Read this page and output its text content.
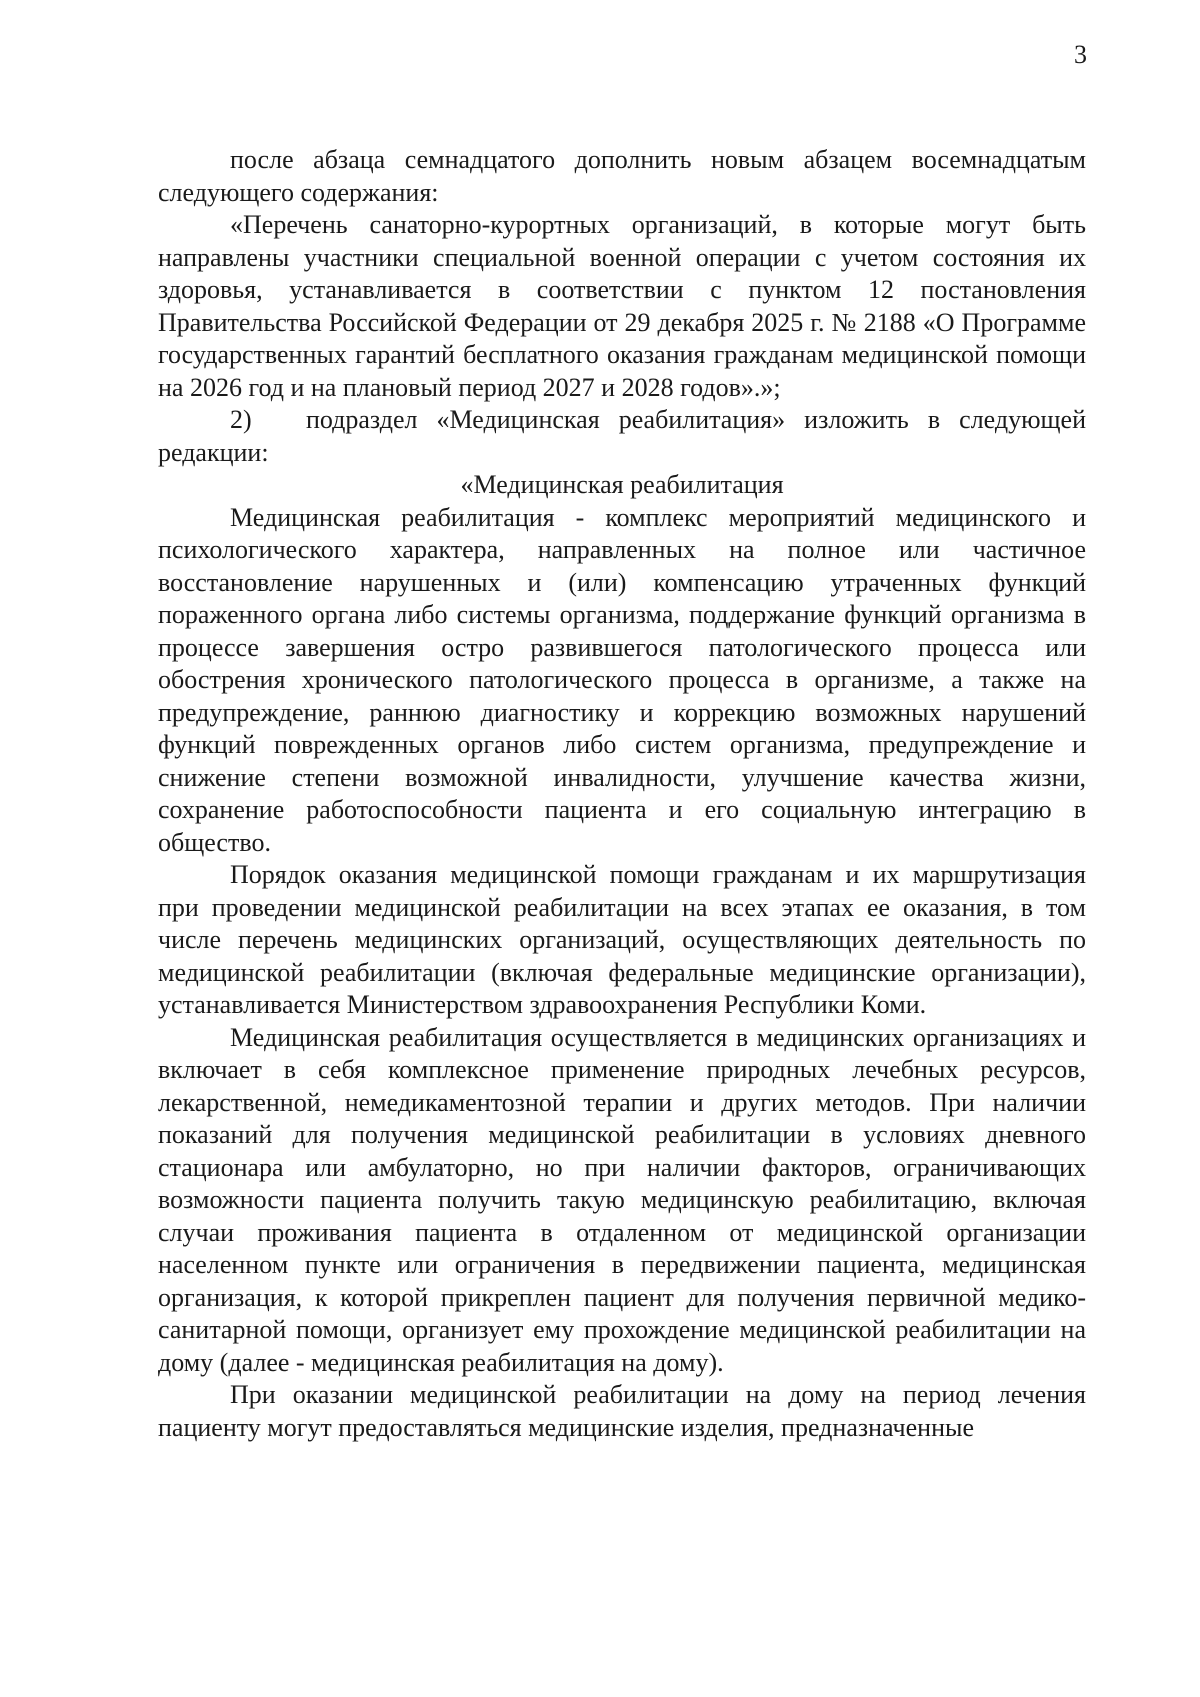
3

после абзаца семнадцатого дополнить новым абзацем восемнадцатым следующего содержания:

«Перечень санаторно-курортных организаций, в которые могут быть направлены участники специальной военной операции с учетом состояния их здоровья, устанавливается в соответствии с пунктом 12 постановления Правительства Российской Федерации от 29 декабря 2025 г. № 2188 «О Программе государственных гарантий бесплатного оказания гражданам медицинской помощи на 2026 год и на плановый период 2027 и 2028 годов».»;

2) подраздел «Медицинская реабилитация» изложить в следующей редакции:

«Медицинская реабилитация

Медицинская реабилитация - комплекс мероприятий медицинского и психологического характера, направленных на полное или частичное восстановление нарушенных и (или) компенсацию утраченных функций пораженного органа либо системы организма, поддержание функций организма в процессе завершения остро развившегося патологического процесса или обострения хронического патологического процесса в организме, а также на предупреждение, раннюю диагностику и коррекцию возможных нарушений функций поврежденных органов либо систем организма, предупреждение и снижение степени возможной инвалидности, улучшение качества жизни, сохранение работоспособности пациента и его социальную интеграцию в общество.

Порядок оказания медицинской помощи гражданам и их маршрутизация при проведении медицинской реабилитации на всех этапах ее оказания, в том числе перечень медицинских организаций, осуществляющих деятельность по медицинской реабилитации (включая федеральные медицинские организации), устанавливается Министерством здравоохранения Республики Коми.

Медицинская реабилитация осуществляется в медицинских организациях и включает в себя комплексное применение природных лечебных ресурсов, лекарственной, немедикаментозной терапии и других методов. При наличии показаний для получения медицинской реабилитации в условиях дневного стационара или амбулаторно, но при наличии факторов, ограничивающих возможности пациента получить такую медицинскую реабилитацию, включая случаи проживания пациента в отдаленном от медицинской организации населенном пункте или ограничения в передвижении пациента, медицинская организация, к которой прикреплен пациент для получения первичной медико-санитарной помощи, организует ему прохождение медицинской реабилитации на дому (далее - медицинская реабилитация на дому).

При оказании медицинской реабилитации на дому на период лечения пациенту могут предоставляться медицинские изделия, предназначенные
